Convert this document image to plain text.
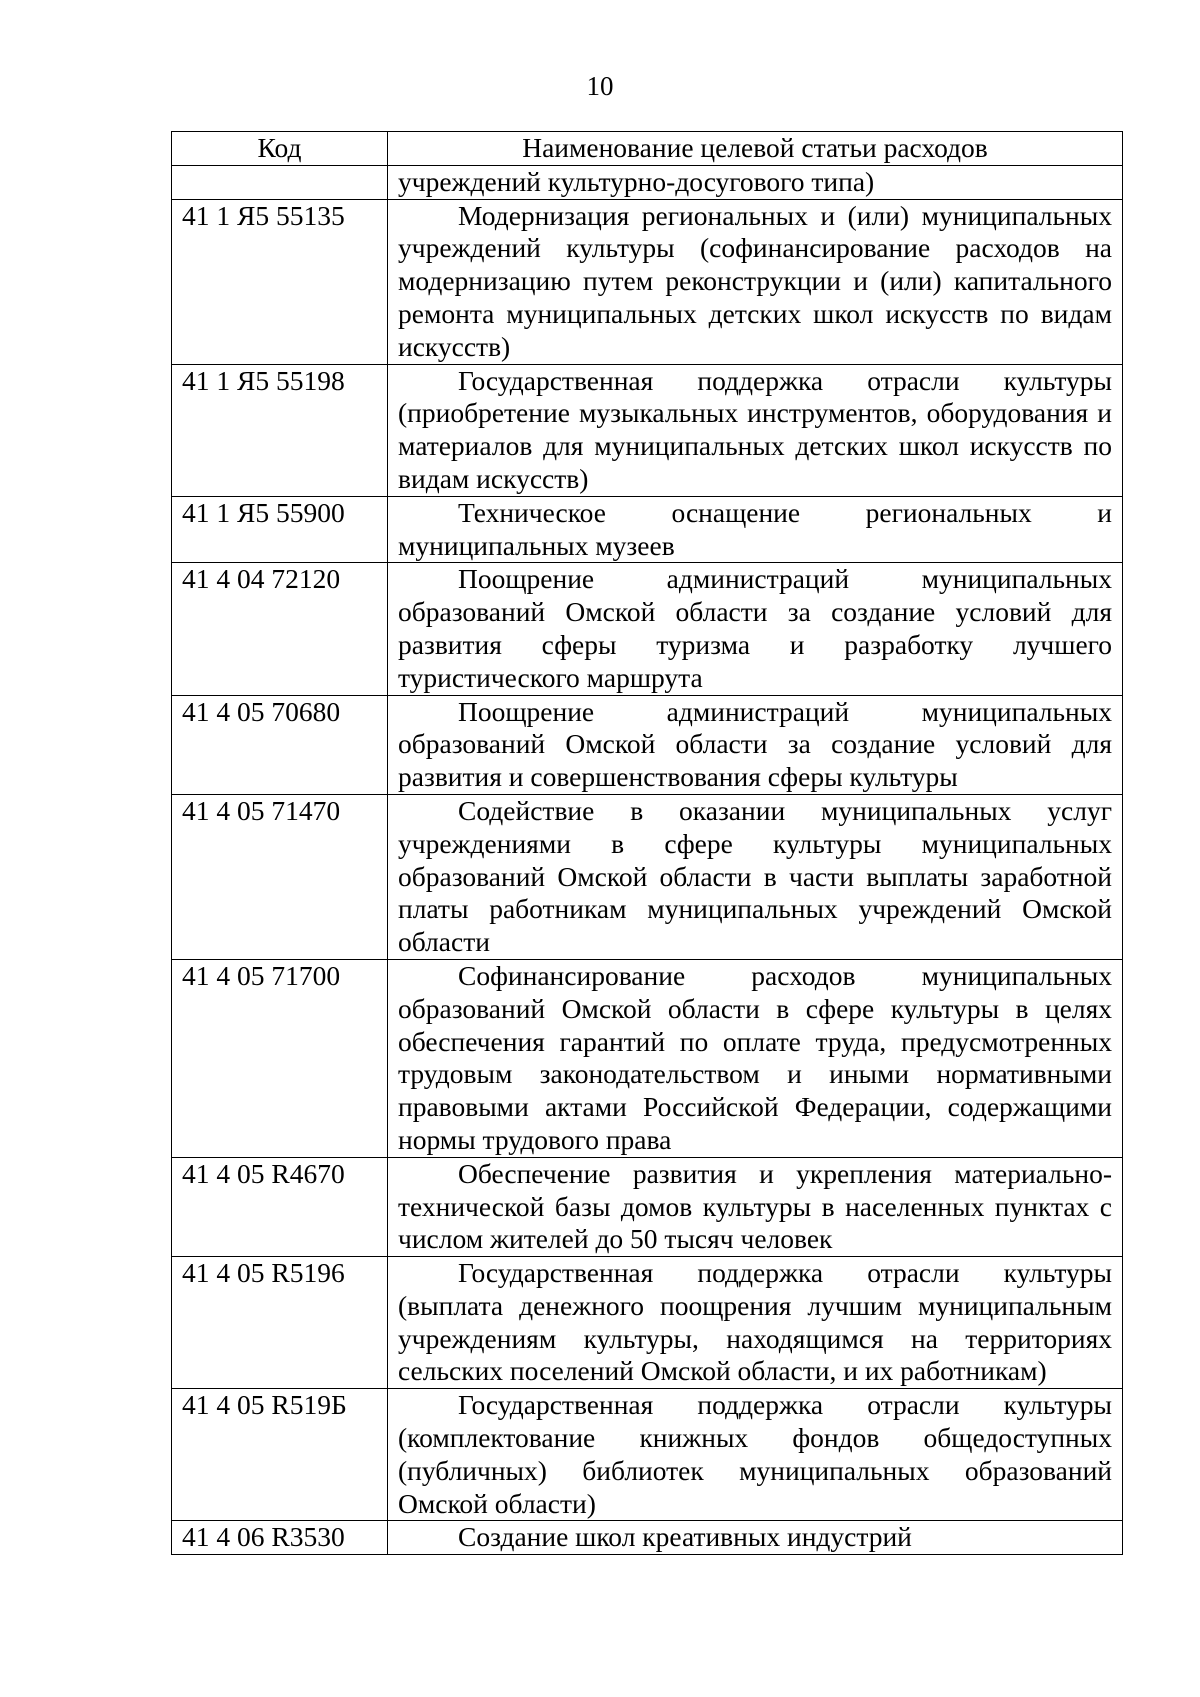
10
Код	Наименование целевой статьи расходов
	учреждений культурно-досугового типа)
41 1 Я5 55135	Модернизация региональных и (или) муниципальных учреждений культуры (софинансирование расходов на модернизацию путем реконструкции и (или) капитального ремонта муниципальных детских школ искусств по видам искусств)
41 1 Я5 55198	Государственная поддержка отрасли культуры (приобретение музыкальных инструментов, оборудования и материалов для муниципальных детских школ искусств по видам искусств)
41 1 Я5 55900	Техническое оснащение региональных и муниципальных музеев
41 4 04 72120	Поощрение администраций муниципальных образований Омской области за создание условий для развития сферы туризма и разработку лучшего туристического маршрута
41 4 05 70680	Поощрение администраций муниципальных образований Омской области за создание условий для развития и совершенствования сферы культуры
41 4 05 71470	Содействие в оказании муниципальных услуг учреждениями в сфере культуры муниципальных образований Омской области в части выплаты заработной платы работникам муниципальных учреждений Омской области
41 4 05 71700	Софинансирование расходов муниципальных образований Омской области в сфере культуры в целях обеспечения гарантий по оплате труда, предусмотренных трудовым законодательством и иными нормативными правовыми актами Российской Федерации, содержащими нормы трудового права
41 4 05 R4670	Обеспечение развития и укрепления материально-технической базы домов культуры в населенных пунктах с числом жителей до 50 тысяч человек
41 4 05 R5196	Государственная поддержка отрасли культуры (выплата денежного поощрения лучшим муниципальным учреждениям культуры, находящимся на территориях сельских поселений Омской области, и их работникам)
41 4 05 R519Б	Государственная поддержка отрасли культуры (комплектование книжных фондов общедоступных (публичных) библиотек муниципальных образований Омской области)
41 4 06 R3530	Создание школ креативных индустрий
